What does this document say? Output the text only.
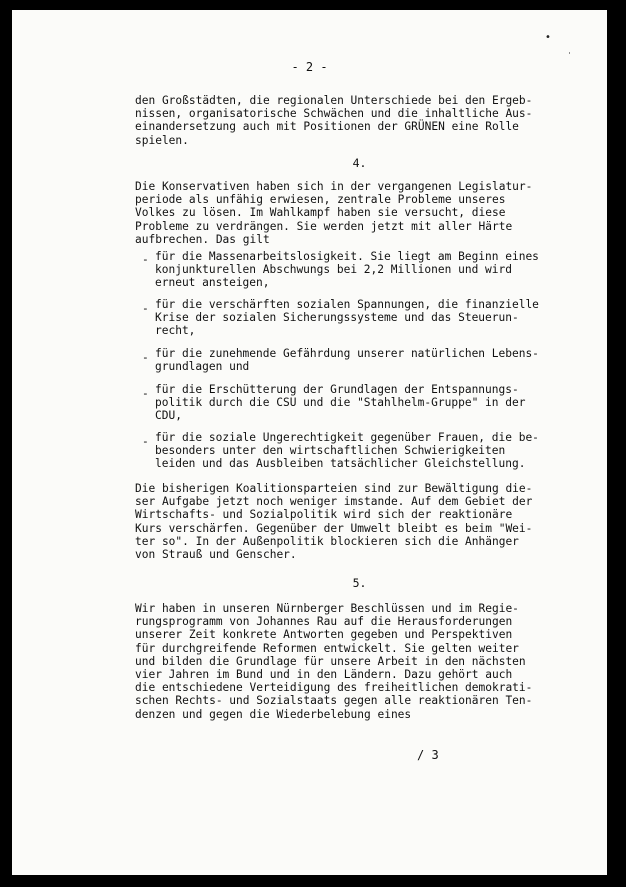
•
˙
- 2 -
den Großstädten, die regionalen Unterschiede bei den Ergeb-
nissen, organisatorische Schwächen und die inhaltliche Aus-
einandersetzung auch mit Positionen der GRÜNEN eine Rolle
spielen.
4.
Die Konservativen haben sich in der vergangenen Legislatur-
periode als unfähig erwiesen, zentrale Probleme unseres
Volkes zu lösen. Im Wahlkampf haben sie versucht, diese
Probleme zu verdrängen. Sie werden jetzt mit aller Härte
aufbrechen. Das gilt
- für die Massenarbeitslosigkeit. Sie liegt am Beginn eines
konjunkturellen Abschwungs bei 2,2 Millionen und wird
erneut ansteigen,
- für die verschärften sozialen Spannungen, die finanzielle
Krise der sozialen Sicherungssysteme und das Steuerun-
recht,
- für die zunehmende Gefährdung unserer natürlichen Lebens-
grundlagen und
- für die Erschütterung der Grundlagen der Entspannungs-
politik durch die CSU und die "Stahlhelm-Gruppe" in der
CDU,
- für die soziale Ungerechtigkeit gegenüber Frauen, die be-
besonders unter den wirtschaftlichen Schwierigkeiten
leiden und das Ausbleiben tatsächlicher Gleichstellung.
Die bisherigen Koalitionsparteien sind zur Bewältigung die-
ser Aufgabe jetzt noch weniger imstande. Auf dem Gebiet der
Wirtschafts- und Sozialpolitik wird sich der reaktionäre
Kurs verschärfen. Gegenüber der Umwelt bleibt es beim "Wei-
ter so". In der Außenpolitik blockieren sich die Anhänger
von Strauß und Genscher.
5.
Wir haben in unseren Nürnberger Beschlüssen und im Regie-
rungsprogramm von Johannes Rau auf die Herausforderungen
unserer Zeit konkrete Antworten gegeben und Perspektiven
für durchgreifende Reformen entwickelt. Sie gelten weiter
und bilden die Grundlage für unsere Arbeit in den nächsten
vier Jahren im Bund und in den Ländern. Dazu gehört auch
die entschiedene Verteidigung des freiheitlichen demokrati-
schen Rechts- und Sozialstaats gegen alle reaktionären Ten-
denzen und gegen die Wiederbelebung eines
/ 3
